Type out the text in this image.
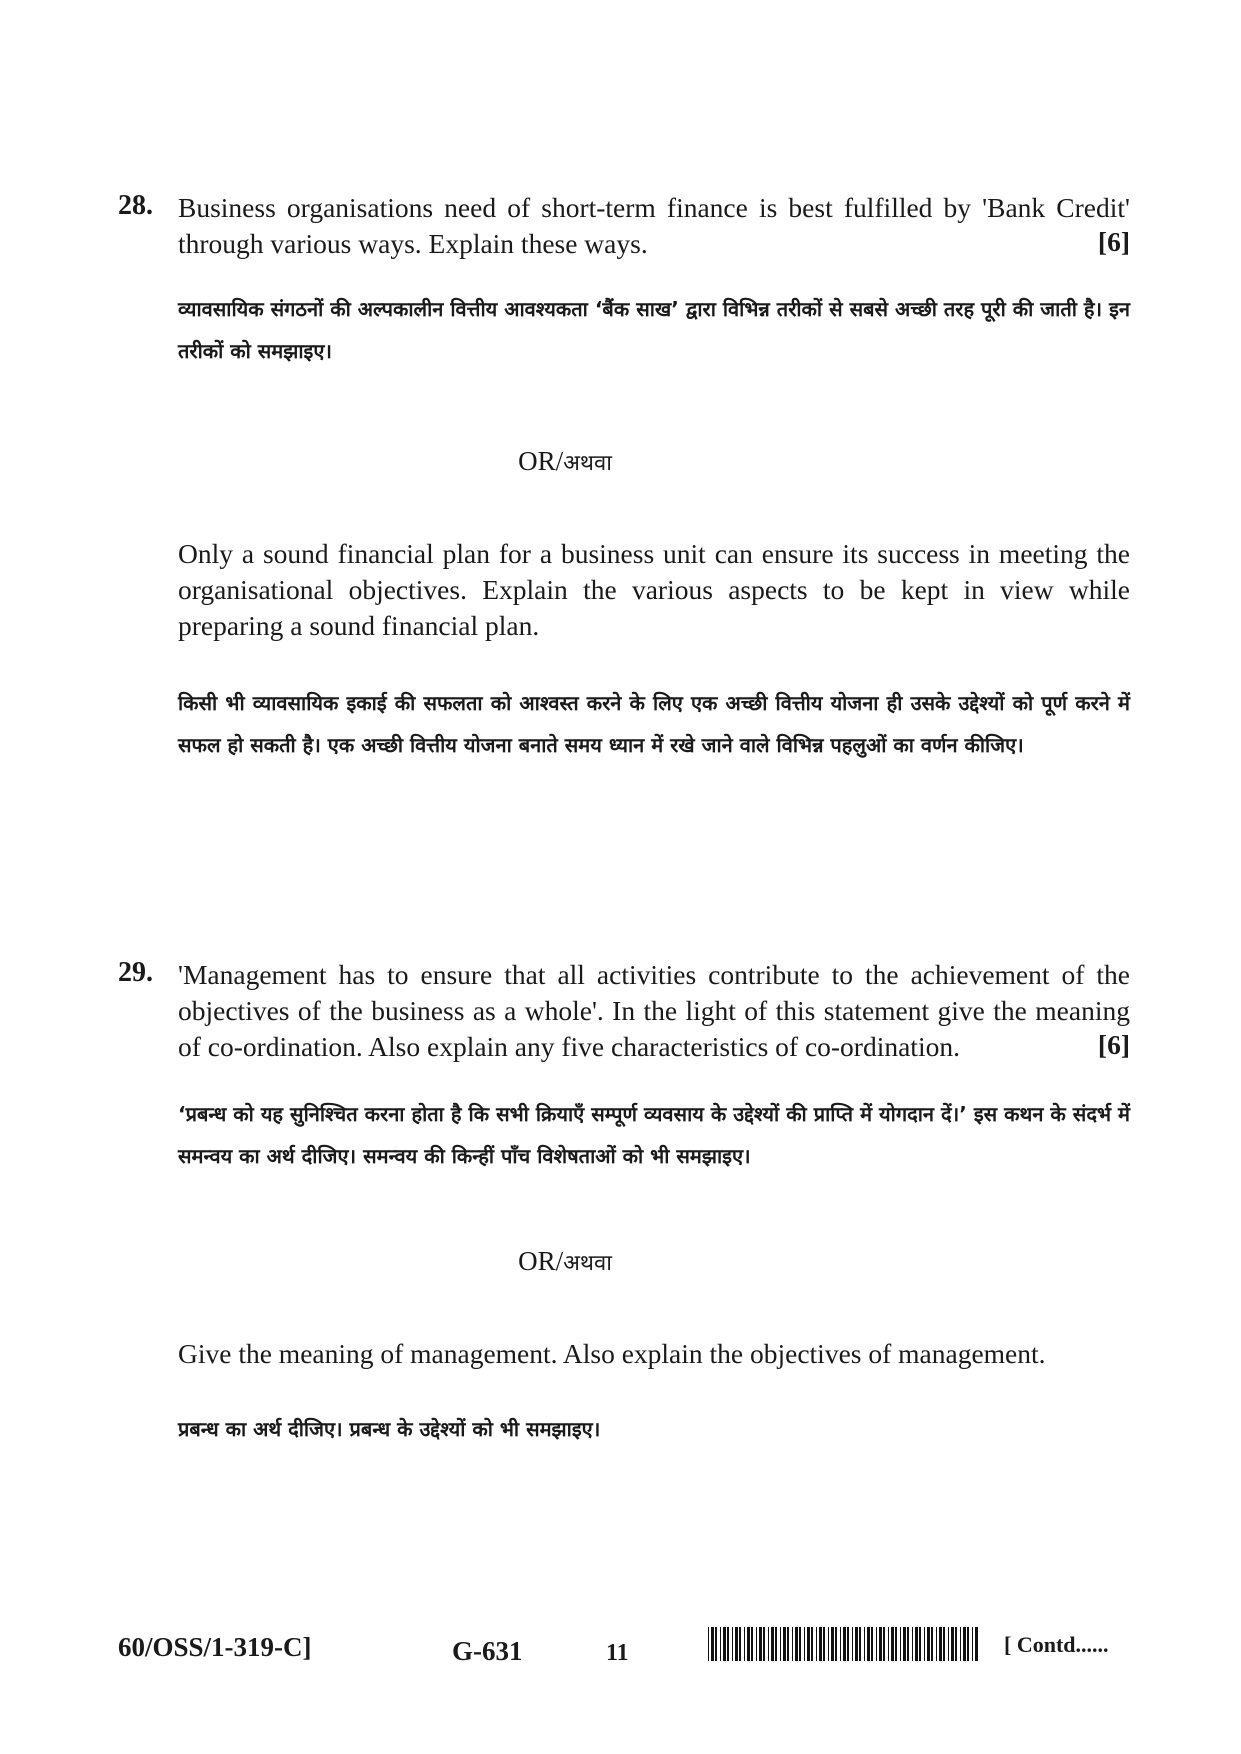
28. Business organisations need of short-term finance is best fulfilled by 'Bank Credit' through various ways. Explain these ways.	[6]
व्यावसायिक संगठनों की अल्पकालीन वित्तीय आवश्यकता ‘बैंक साख’ द्वारा विभिन्न तरीकों से सबसे अच्छी तरह पूरी की जाती है। इन तरीकों को समझाइए।
OR/अथवा
Only a sound financial plan for a business unit can ensure its success in meeting the organisational objectives. Explain the various aspects to be kept in view while preparing a sound financial plan.
किसी भी व्यावसायिक इकाई की सफलता को आश्वस्त करने के लिए एक अच्छी वित्तीय योजना ही उसके उद्देश्यों को पूर्ण करने में सफल हो सकती है। एक अच्छी वित्तीय योजना बनाते समय ध्यान में रखे जाने वाले विभिन्न पहलुओं का वर्णन कीजिए।
29. 'Management has to ensure that all activities contribute to the achievement of the objectives of the business as a whole'. In the light of this statement give the meaning of co-ordination. Also explain any five characteristics of co-ordination.	[6]
‘प्रबन्ध को यह सुनिश्चित करना होता है कि सभी क्रियाएँ सम्पूर्ण व्यवसाय के उद्देश्यों की प्राप्ति में योगदान दें।’ इस कथन के संदर्भ में समन्वय का अर्थ दीजिए। समन्वय की किन्हीं पाँच विशेषताओं को भी समझाइए।
OR/अथवा
Give the meaning of management. Also explain the objectives of management.
प्रबन्ध का अर्थ दीजिए। प्रबन्ध के उद्देश्यों को भी समझाइए।
60/OSS/1-319-C]	G-631	11	[ Contd......
